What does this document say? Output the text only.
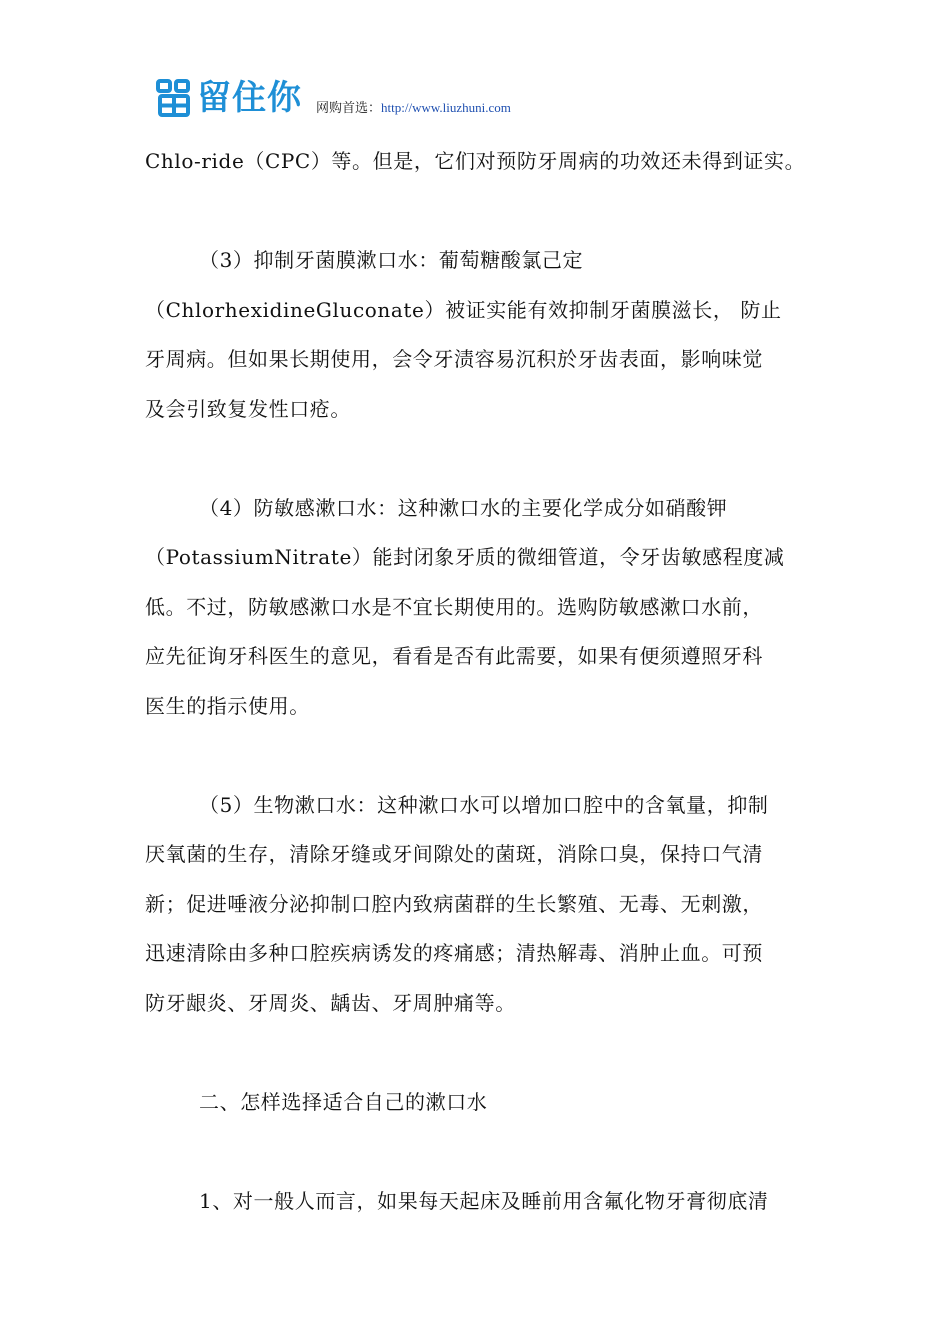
留住你 网购首选：http://www.liuzhuni.com
Chlo-ride（CPC）等。但是，它们对预防牙周病的功效还未得到证实。
（3）抑制牙菌膜漱口水：葡萄糖酸氯己定
（ChlorhexidineGluconate）被证实能有效抑制牙菌膜滋长， 防止
牙周病。但如果长期使用，会令牙渍容易沉积於牙齿表面，影响味觉
及会引致复发性口疮。
（4）防敏感漱口水：这种漱口水的主要化学成分如硝酸钾
（PotassiumNitrate）能封闭象牙质的微细管道，令牙齿敏感程度减
低。不过，防敏感漱口水是不宜长期使用的。选购防敏感漱口水前，
应先征询牙科医生的意见，看看是否有此需要，如果有便须遵照牙科
医生的指示使用。
（5）生物漱口水：这种漱口水可以增加口腔中的含氧量，抑制
厌氧菌的生存，清除牙缝或牙间隙处的菌斑，消除口臭，保持口气清
新；促进唾液分泌抑制口腔内致病菌群的生长繁殖、无毒、无刺激，
迅速清除由多种口腔疾病诱发的疼痛感；清热解毒、消肿止血。可预
防牙龈炎、牙周炎、龋齿、牙周肿痛等。
二、怎样选择适合自己的漱口水
1、对一般人而言，如果每天起床及睡前用含氟化物牙膏彻底清
